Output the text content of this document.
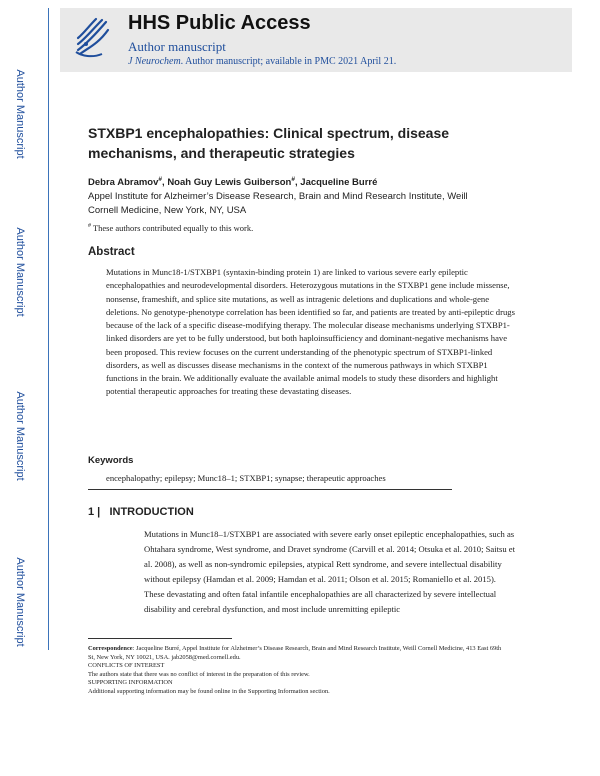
HHS Public Access
Author manuscript
J Neurochem. Author manuscript; available in PMC 2021 April 21.
Author Manuscript
Author Manuscript
Author Manuscript
Author Manuscript
STXBP1 encephalopathies: Clinical spectrum, disease mechanisms, and therapeutic strategies
Debra Abramov#, Noah Guy Lewis Guiberson#, Jacqueline Burré
Appel Institute for Alzheimer’s Disease Research, Brain and Mind Research Institute, Weill Cornell Medicine, New York, NY, USA
# These authors contributed equally to this work.
Abstract

Mutations in Munc18-1/STXBP1 (syntaxin-binding protein 1) are linked to various severe early epileptic encephalopathies and neurodevelopmental disorders. Heterozygous mutations in the STXBP1 gene include missense, nonsense, frameshift, and splice site mutations, as well as intragenic deletions and duplications and whole-gene deletions. No genotype-phenotype correlation has been identified so far, and patients are treated by anti-epileptic drugs because of the lack of a specific disease-modifying therapy. The molecular disease mechanisms underlying STXBP1-linked disorders are yet to be fully understood, but both haploinsufficiency and dominant-negative mechanisms have been proposed. This review focuses on the current understanding of the phenotypic spectrum of STXBP1-linked disorders, as well as discusses disease mechanisms in the context of the numerous pathways in which STXBP1 functions in the brain. We additionally evaluate the available animal models to study these disorders and highlight potential therapeutic approaches for treating these devastating diseases.

Keywords
encephalopathy; epilepsy; Munc18–1; STXBP1; synapse; therapeutic approaches
1 | INTRODUCTION

Mutations in Munc18–1/STXBP1 are associated with severe early onset epileptic encephalopathies, such as Ohtahara syndrome, West syndrome, and Dravet syndrome (Carvill et al. 2014; Otsuka et al. 2010; Saitsu et al. 2008), as well as non-syndromic epilepsies, atypical Rett syndrome, and severe intellectual disability without epilepsy (Hamdan et al. 2009; Hamdan et al. 2011; Olson et al. 2015; Romaniello et al. 2015). These devastating and often fatal infantile encephalopathies are all characterized by severe intellectual disability and cerebral dysfunction, and most include unremitting epileptic

Correspondence: Jacqueline Burré, Appel Institute for Alzheimer’s Disease Research, Brain and Mind Research Institute, Weill Cornell Medicine, 413 East 69th St, New York, NY 10021, USA. jab2058@med.cornell.edu.
CONFLICTS OF INTEREST
The authors state that there was no conflict of interest in the preparation of this review.
SUPPORTING INFORMATION
Additional supporting information may be found online in the Supporting Information section.
